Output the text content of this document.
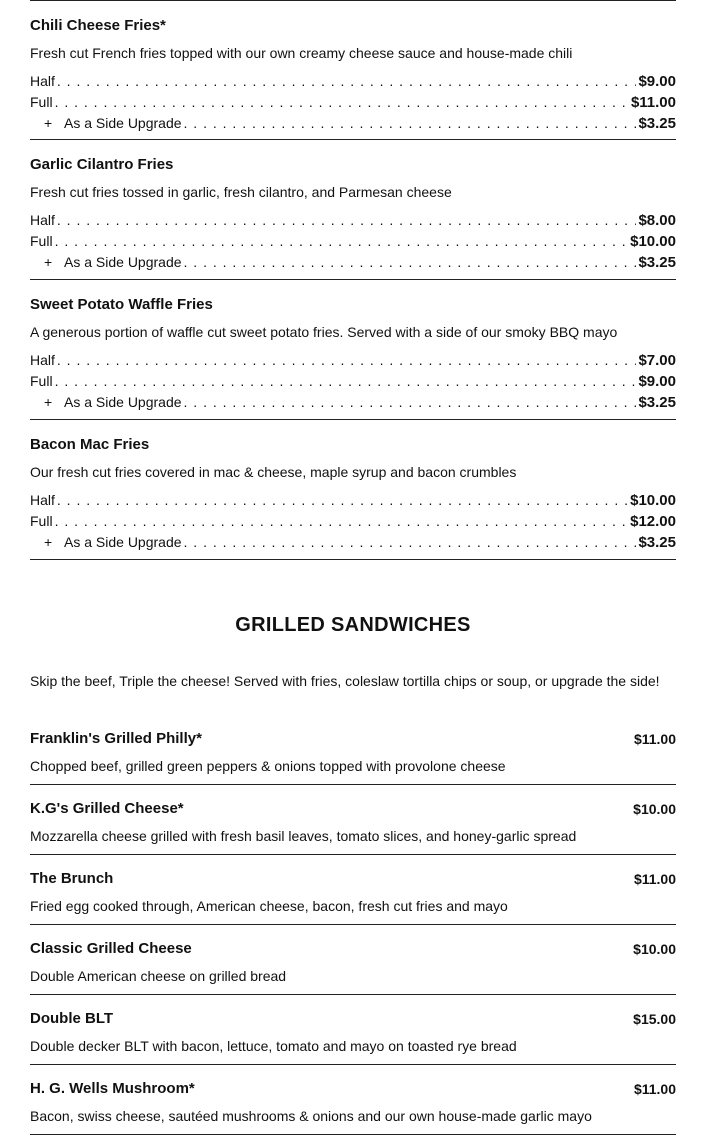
Chili Cheese Fries*
Fresh cut French fries topped with our own creamy cheese sauce and house-made chili
Half . . .	$9.00
Full . . .	$11.00
+ As a Side Upgrade . . .	$3.25
Garlic Cilantro Fries
Fresh cut fries tossed in garlic, fresh cilantro, and Parmesan cheese
Half . . .	$8.00
Full . . .	$10.00
+ As a Side Upgrade . . .	$3.25
Sweet Potato Waffle Fries
A generous portion of waffle cut sweet potato fries. Served with a side of our smoky BBQ mayo
Half . . .	$7.00
Full . . .	$9.00
+ As a Side Upgrade . . .	$3.25
Bacon Mac Fries
Our fresh cut fries covered in mac & cheese, maple syrup and bacon crumbles
Half . . .	$10.00
Full . . .	$12.00
+ As a Side Upgrade . . .	$3.25
GRILLED SANDWICHES
Skip the beef, Triple the cheese! Served with fries, coleslaw tortilla chips or soup, or upgrade the side!
Franklin's Grilled Philly*	$11.00
Chopped beef, grilled green peppers & onions topped with provolone cheese
K.G's Grilled Cheese*	$10.00
Mozzarella cheese grilled with fresh basil leaves, tomato slices, and honey-garlic spread
The Brunch	$11.00
Fried egg cooked through, American cheese, bacon, fresh cut fries and mayo
Classic Grilled Cheese	$10.00
Double American cheese on grilled bread
Double BLT	$15.00
Double decker BLT with bacon, lettuce, tomato and mayo on toasted rye bread
H. G. Wells Mushroom*	$11.00
Bacon, swiss cheese, sautéed mushrooms & onions and our own house-made garlic mayo
